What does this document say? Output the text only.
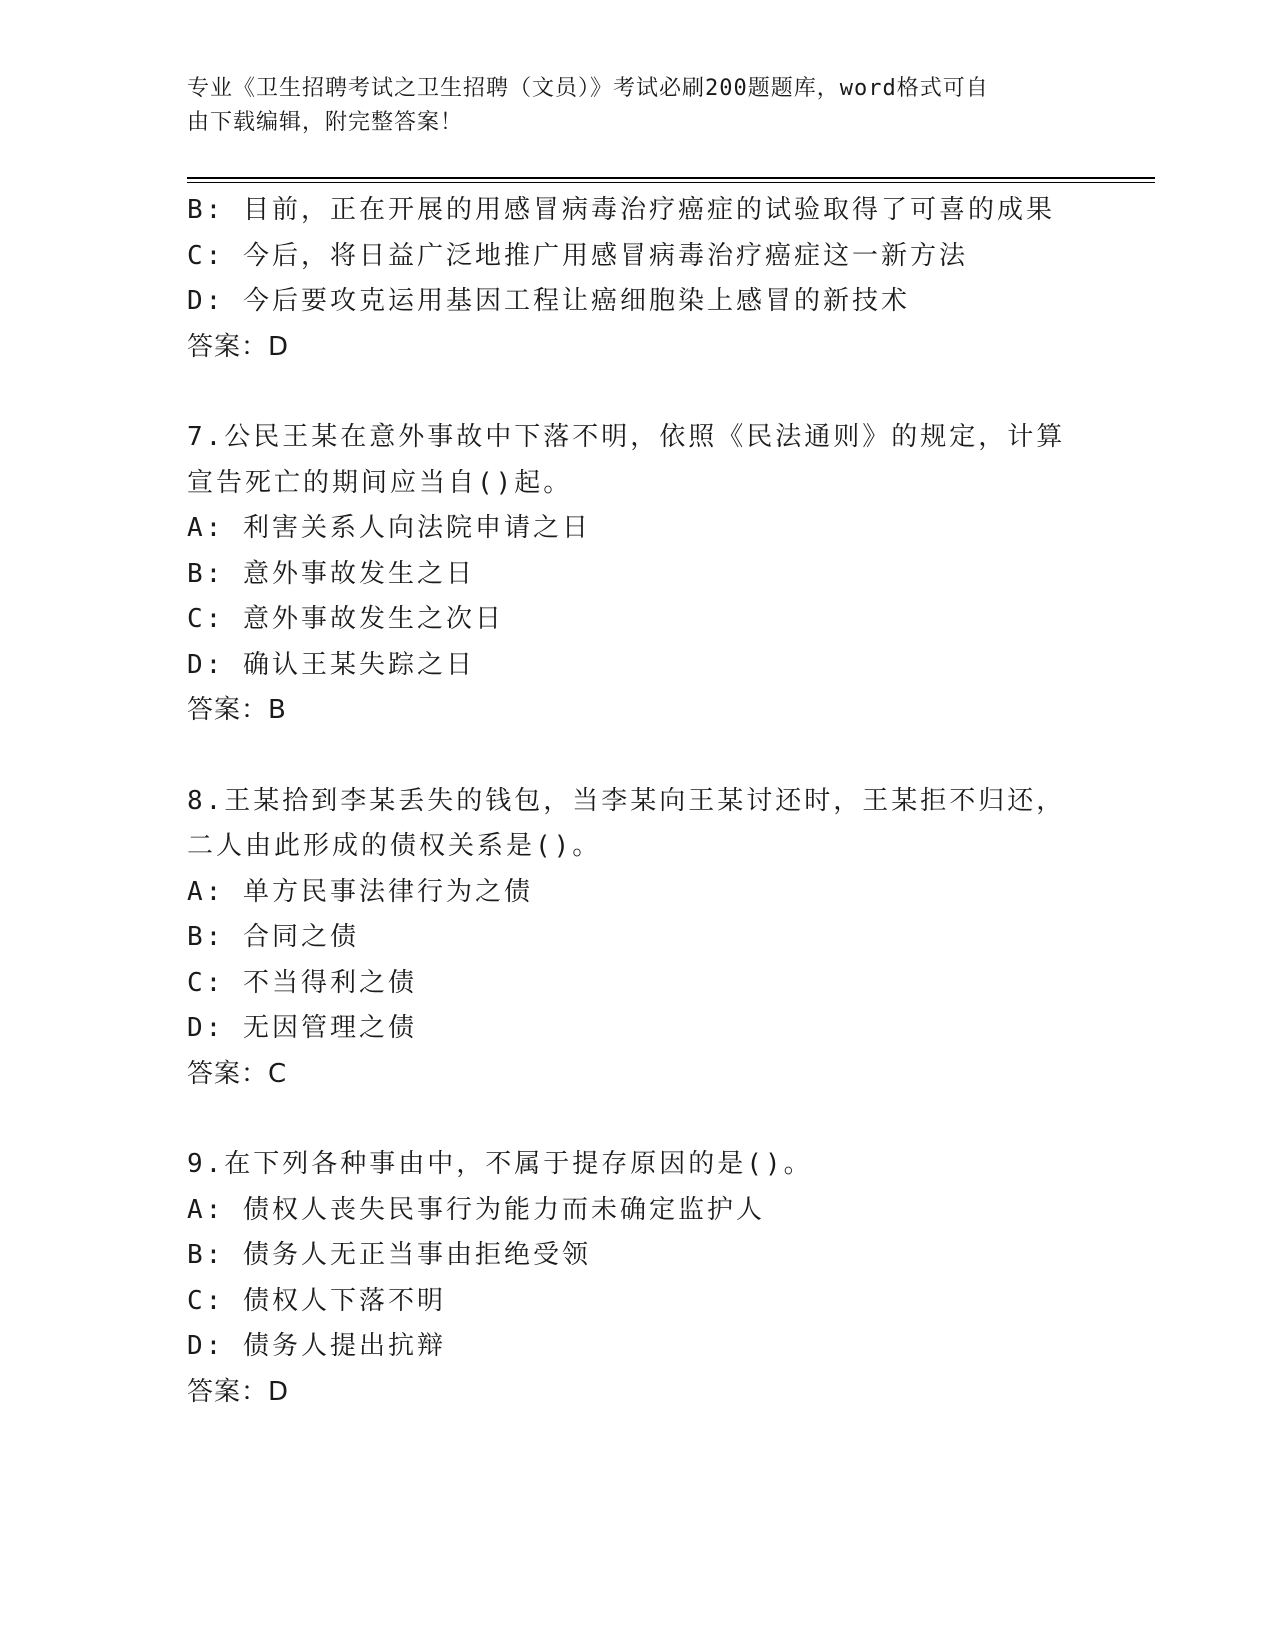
专业《卫生招聘考试之卫生招聘（文员）》考试必刷200题题库，word格式可自
由下载编辑，附完整答案！
B: 目前，正在开展的用感冒病毒治疗癌症的试验取得了可喜的成果
C: 今后，将日益广泛地推广用感冒病毒治疗癌症这一新方法
D: 今后要攻克运用基因工程让癌细胞染上感冒的新技术
答案：D
7.公民王某在意外事故中下落不明，依照《民法通则》的规定，计算
宣告死亡的期间应当自()起。
A: 利害关系人向法院申请之日
B: 意外事故发生之日
C: 意外事故发生之次日
D: 确认王某失踪之日
答案：B
8.王某拾到李某丢失的钱包，当李某向王某讨还时，王某拒不归还，
二人由此形成的债权关系是()。
A: 单方民事法律行为之债
B: 合同之债
C: 不当得利之债
D: 无因管理之债
答案：C
9.在下列各种事由中，不属于提存原因的是()。
A: 债权人丧失民事行为能力而未确定监护人
B: 债务人无正当事由拒绝受领
C: 债权人下落不明
D: 债务人提出抗辩
答案：D
